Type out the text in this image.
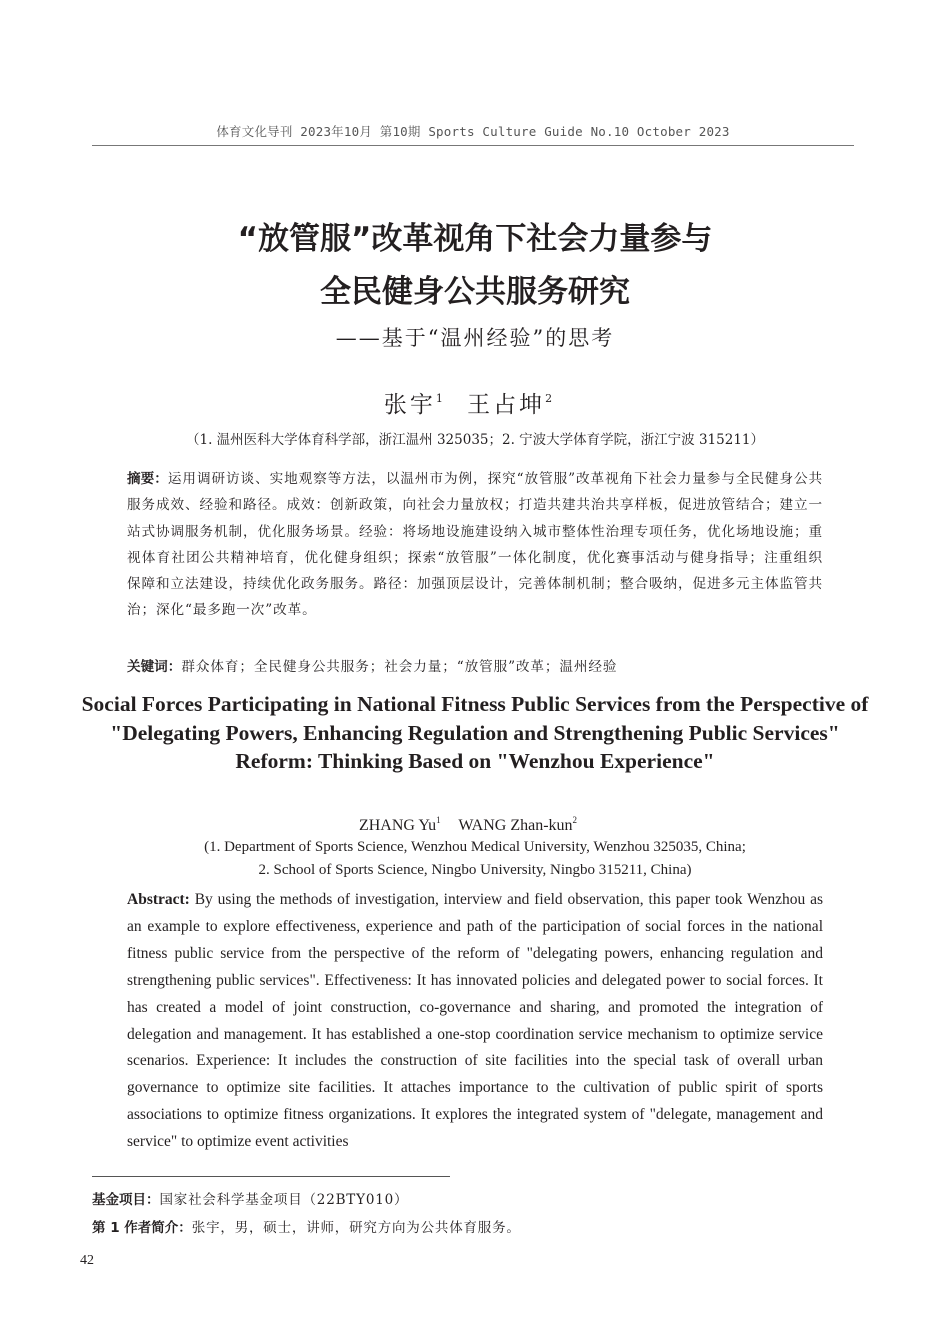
体育文化导刊 2023年10月 第10期 Sports Culture Guide No.10 October 2023
“放管服”改革视角下社会力量参与
全民健身公共服务研究
——基于“温州经验”的思考
张宇$^1$ 王占坤$^2$
（1. 温州医科大学体育科学部，浙江温州 325035；2. 宁波大学体育学院，浙江宁波 315211）
摘要：运用调研访谈、实地观察等方法，以温州市为例，探究“放管服”改革视角下社会力量参与全民健身公共服务成效、经验和路径。成效：创新政策，向社会力量放权；打造共建共治共享样板，促进放管结合；建立一站式协调服务机制，优化服务场景。经验：将场地设施建设纳入城市整体性治理专项任务，优化场地设施；重视体育社团公共精神培育，优化健身组织；探索“放管服”一体化制度，优化赛事活动与健身指导；注重组织保障和立法建设，持续优化政务服务。路径：加强顶层设计，完善体制机制；整合吸纳，促进多元主体监管共治；深化“最多跑一次”改革。
关键词：群众体育；全民健身公共服务；社会力量；“放管服”改革；温州经验
Social Forces Participating in National Fitness Public Services from the Perspective of "Delegating Powers, Enhancing Regulation and Strengthening Public Services" Reform: Thinking Based on "Wenzhou Experience"
ZHANG Yu$^1$ WANG Zhan-kun$^2$
(1. Department of Sports Science, Wenzhou Medical University, Wenzhou 325035, China;
2. School of Sports Science, Ningbo University, Ningbo 315211, China)
Abstract: By using the methods of investigation, interview and field observation, this paper took Wenzhou as an example to explore effectiveness, experience and path of the participation of social forces in the national fitness public service from the perspective of the reform of "delegating powers, enhancing regulation and strengthening public services". Effectiveness: It has innovated policies and delegated power to social forces. It has created a model of joint construction, co-governance and sharing, and promoted the integration of delegation and management. It has established a one-stop coordination service mechanism to optimize service scenarios. Experience: It includes the construction of site facilities into the special task of overall urban governance to optimize site facilities. It attaches importance to the cultivation of public spirit of sports associations to optimize fitness organizations. It explores the integrated system of "delegate, management and service" to optimize event activities
基金项目：国家社会科学基金项目（22BTY010）
第 1 作者简介：张宇，男，硕士，讲师，研究方向为公共体育服务。
42
